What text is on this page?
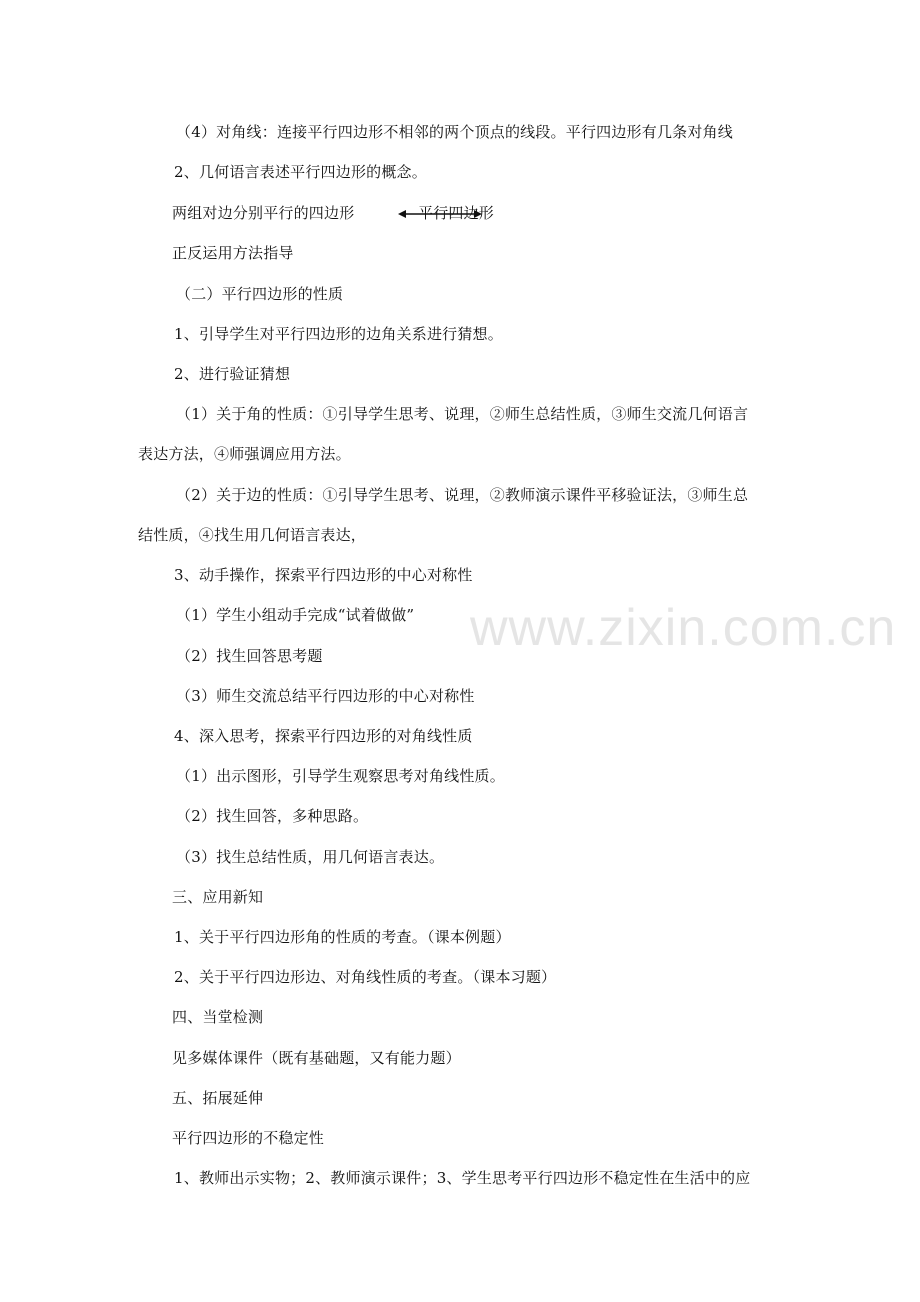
（4）对角线：连接平行四边形不相邻的两个顶点的线段。平行四边形有几条对角线
2、几何语言表述平行四边形的概念。
两组对边分别平行的四边形	平行四边形
正反运用方法指导
（二）平行四边形的性质
1、引导学生对平行四边形的边角关系进行猜想。
2、进行验证猜想
（1）关于角的性质：①引导学生思考、说理，②师生总结性质，③师生交流几何语言
表达方法，④师强调应用方法。
（2）关于边的性质：①引导学生思考、说理，②教师演示课件平移验证法，③师生总
结性质，④找生用几何语言表达，
3、动手操作，探索平行四边形的中心对称性
（1）学生小组动手完成“试着做做”
（2）找生回答思考题
（3）师生交流总结平行四边形的中心对称性
4、深入思考，探索平行四边形的对角线性质
（1）出示图形，引导学生观察思考对角线性质。
（2）找生回答，多种思路。
（3）找生总结性质，用几何语言表达。
三、应用新知
1、关于平行四边形角的性质的考查。（课本例题）
2、关于平行四边形边、对角线性质的考查。（课本习题）
四、当堂检测
见多媒体课件（既有基础题，又有能力题）
五、拓展延伸
平行四边形的不稳定性
1、教师出示实物；2、教师演示课件；3、学生思考平行四边形不稳定性在生活中的应
www.zixin.com.cn
